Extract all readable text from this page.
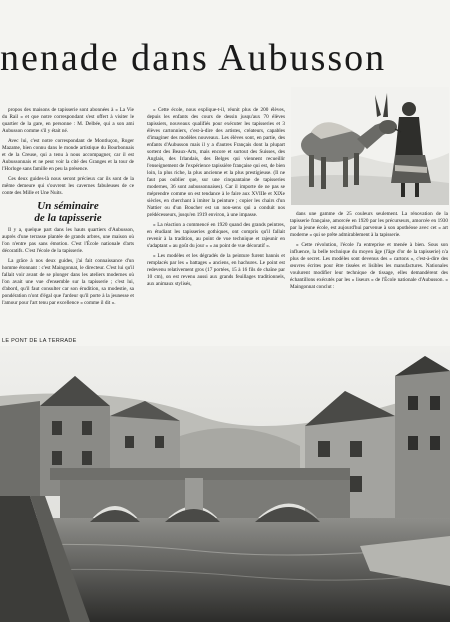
nenade dans Aubusson

propos des maisons de tapisserie sont abonnées à « La Vie du Rail » et que notre correspondant s'est offert à visiter le quartier de la gare, en personne : M. Delbée, qui a son ami Aubusson comme s'il y était né.

Avec lui, c'est notre correspondant de Montluçon, Roger Mazame, bien connu dans le monde artistique du Bourbonnais et de la Creuse, qui a tenu à nous accompagner, car il est Aubussonnais et ne peut voir la cité des Granges et la tour de l'Horloge sans famille en peu la présence.

Ces deux guides-là nous seront précieux car ils sont de la même demeure qui s'ouvrent les cavernes fabuleuses de ce conte des Mille et Une Nuits.

Un séminaire
de la tapisserie

Il y a, quelque part dans les hauts quartiers d'Aubusson, auprès d'une terrasse plantée de grands arbres, une maison où l'on n'entre pas sans émotion. C'est l'École nationale d'arts décoratifs. C'est l'école de la tapisserie.

La grâce à nos deux guides, j'ai fait connaissance d'un homme étonnant : c'est Maingonnat, le directeur. C'est lui qu'il fallait voir avant de se plonger dans les ateliers modernes où l'on avait une vue d'ensemble sur la tapisserie ; c'est lui, d'abord, qu'il faut consulter car son érudition, sa modestie, sa pondération n'ont d'égal que l'ardeur qu'il porte à la jeunesse et l'amour pour l'art tenu par excellence « comme il dit ».

« Cette école, nous explique-t-il, réunit plus de 200 élèves, depuis les enfants des cours de dessin jusqu'aux 70 élèves tapissiers, nouveaux qualifiés pour exécuter les tapisseries et 3 élèves cartonniers, c'est-à-dire des artistes, créateurs, capables d'imaginer des modèles nouveaux. Les élèves sont, en partie, des enfants d'Aubusson mais il y a d'autres Français dont la plupart sortent des Beaux-Arts, mais encore et surtout des Suisses, des Anglais, des Irlandais, des Belges qui viennent recueillir l'enseignement de l'expérience tapissière française qui est, de bien loin, la plus riche, la plus ancienne et la plus prestigieuse. (Il ne faut pas oublier que, sur une cinquantaine de tapisseries modernes, 36 sont aubussonnaises). Car il importe de ne pas se méprendre comme on est tendance à le faire aux XVIIIe et XIXe siècles, en cherchant à imiter la peinture ; copier les chairs d'un Nattier ou d'un Boucher est un non-sens qui a conduit nos prédécesseurs, jusqu'en 1919 environ, à une impasse.

« La réaction a commencé en 1920 quand des grands peintres, en étudiant les tapisseries gothiques, ont compris qu'il fallait revenir à la tradition, au point de vue technique et rajeunir en s'adaptant « au goût du jour » « au point de vue décoratif ».

« Les modèles et les dégradés de la peinture furent bannis et remplacés par les « battages » anciens, en hachures. Le point est redevenu relativement gros (17 portées, 15 à 16 fils de chaîne par 10 cm), on est revenu aussi aux grands feuillages traditionnels, aux animaux stylisés,

dans une gamme de 25 couleurs seulement. La rénovation de la tapisserie française, amorcée en 1920 par les précurseurs, amorcée en 1930 par la jeune école, est aujourd'hui parvenue à son apothéose avec cet « art moderne » qui se prête admirablement à la tapisserie.

« Cette révolution, l'école l'a entreprise et menée à bien. Sous son influence, la belle technique du moyen âge (l'âge d'or de la tapisserie) n'a plus de secret. Les modèles sont devenus des « cartons », c'est-à-dire des œuvres écrites pour être tissées et lisibles les manufactures. Nationales voulurent modifier leur technique de tissage, elles demandèrent des échantillons exécutés par les « liseurs » de l'École nationale d'Aubusson. » Maingonnat conclut :

LE PONT DE LA TERRADE
